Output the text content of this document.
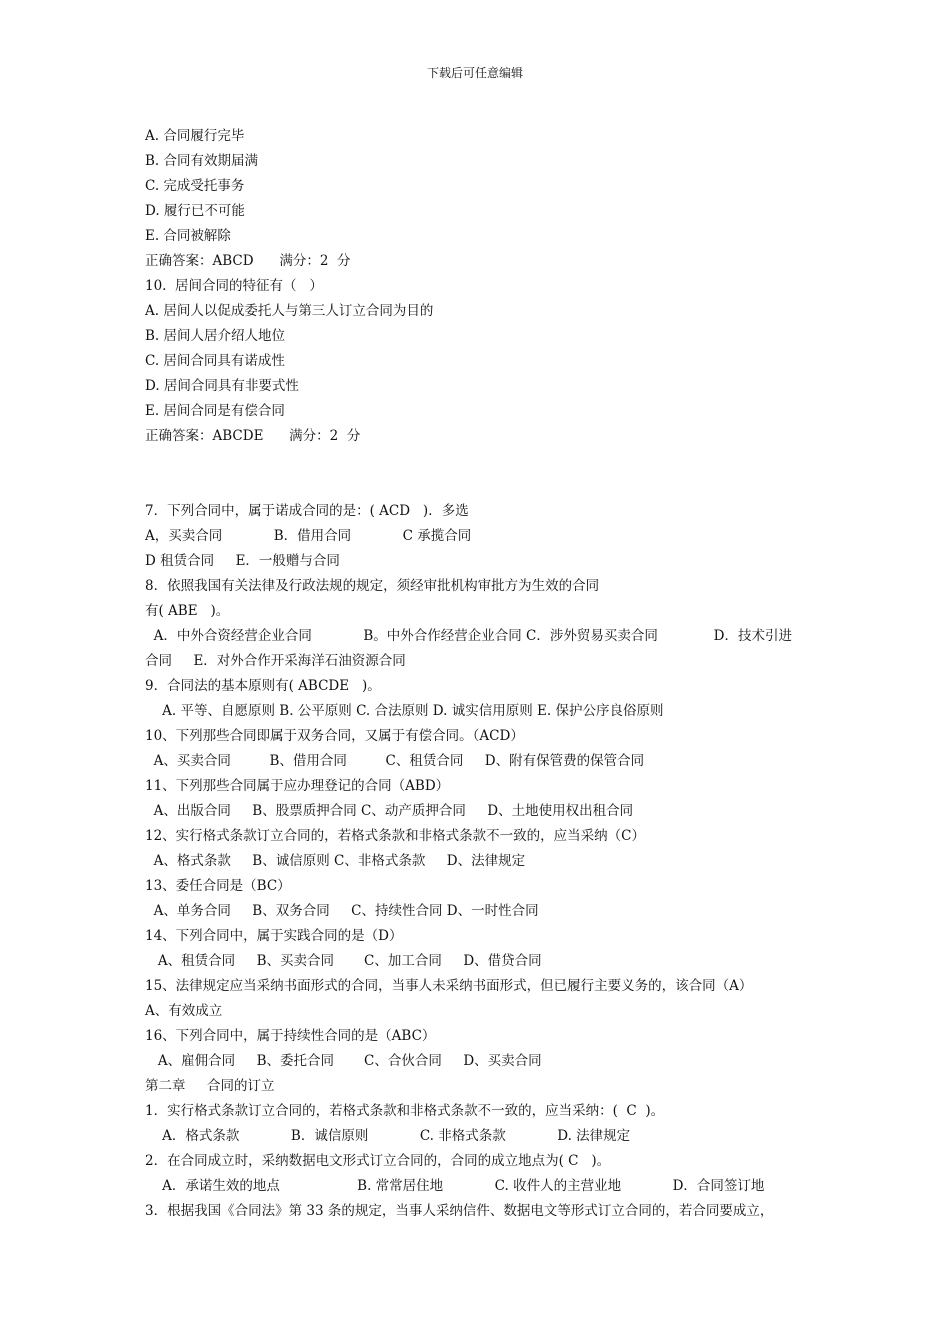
下载后可任意编辑
A. 合同履行完毕
B. 合同有效期届满
C. 完成受托事务
D. 履行已不可能
E. 合同被解除
正确答案：ABCD      满分：2  分
10.  居间合同的特征有（   ）
A. 居间人以促成委托人与第三人订立合同为目的
B. 居间人居介绍人地位
C. 居间合同具有诺成性
D. 居间合同具有非要式性
E. 居间合同是有偿合同
正确答案：ABCDE      满分：2  分
7．下列合同中，属于诺成合同的是：( ACD   )．多选
A，买卖合同            B．借用合同            C 承揽合同
D 租赁合同     E．一般赠与合同
8．依照我国有关法律及行政法规的规定，须经审批机构审批方为生效的合同
有( ABE   )。
A．中外合资经营企业合同            B。中外合作经营企业合同 C．涉外贸易买卖合同             D．技术引进
合同     E．对外合作开采海洋石油资源合同
9．合同法的基本原则有( ABCDE   )。
A. 平等、自愿原则 B. 公平原则 C. 合法原则 D. 诚实信用原则 E. 保护公序良俗原则
10、下列那些合同即属于双务合同，又属于有偿合同。（ACD）
A、买卖合同         B、借用合同         C、租赁合同     D、附有保管费的保管合同
11、下列那些合同属于应办理登记的合同（ABD）
A、出版合同     B、股票质押合同 C、动产质押合同     D、土地使用权出租合同
12、实行格式条款订立合同的，若格式条款和非格式条款不一致的，应当采纳（C）
A、格式条款     B、诚信原则 C、非格式条款     D、法律规定
13、委任合同是（BC）
A、单务合同     B、双务合同     C、持续性合同 D、一时性合同
14、下列合同中，属于实践合同的是（D）
A、租赁合同     B、买卖合同       C、加工合同     D、借贷合同
15、法律规定应当采纳书面形式的合同，当事人未采纳书面形式，但已履行主要义务的，该合同（A）
A、有效成立
16、下列合同中，属于持续性合同的是（ABC）
A、雇佣合同     B、委托合同       C、合伙合同     D、买卖合同
第二章     合同的订立
1．实行格式条款订立合同的，若格式条款和非格式条款不一致的，应当采纳：(  C  )。
A．格式条款            B．诚信原则            C. 非格式条款            D. 法律规定
2．在合同成立时，采纳数据电文形式订立合同的，合同的成立地点为( C   )。
A．承诺生效的地点                  B. 常常居住地            C. 收件人的主营业地            D．合同签订地
3．根据我国《合同法》第 33 条的规定，当事人采纳信件、数据电文等形式订立合同的，若合同要成立，
